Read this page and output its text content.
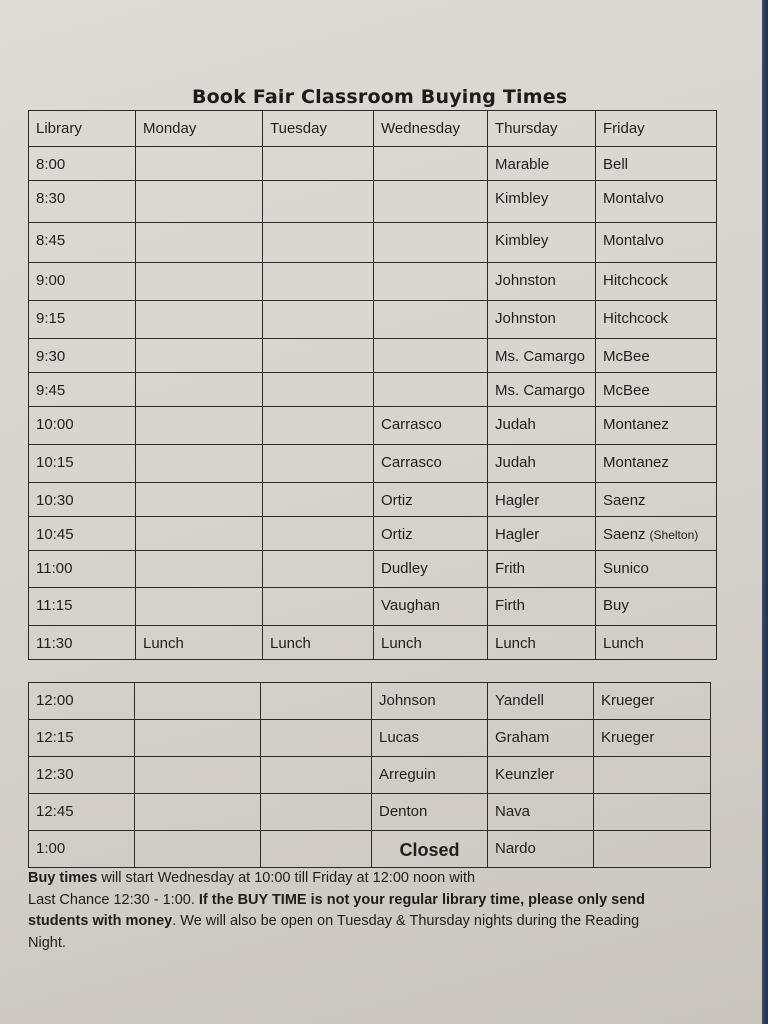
Book Fair Classroom Buying Times
Library	Monday	Tuesday	Wednesday	Thursday	Friday
8:00				Marable	Bell
8:30				Kimbley	Montalvo
8:45				Kimbley	Montalvo
9:00				Johnston	Hitchcock
9:15				Johnston	Hitchcock
9:30				Ms. Camargo	McBee
9:45				Ms. Camargo	McBee
10:00			Carrasco	Judah	Montanez
10:15			Carrasco	Judah	Montanez
10:30			Ortiz	Hagler	Saenz
10:45			Ortiz	Hagler	Saenz (Shelton)
11:00			Dudley	Frith	Sunico
11:15			Vaughan	Firth	Buy
11:30	Lunch	Lunch	Lunch	Lunch	Lunch
12:00			Johnson	Yandell	Krueger
12:15			Lucas	Graham	Krueger
12:30			Arreguin	Keunzler	
12:45			Denton	Nava	
1:00			Closed	Nardo	
Buy times will start Wednesday at 10:00 till Friday at 12:00 noon with
Last Chance 12:30 - 1:00. If the BUY TIME is not your regular library time, please only send students with money. We will also be open on Tuesday & Thursday nights during the Reading Night.
